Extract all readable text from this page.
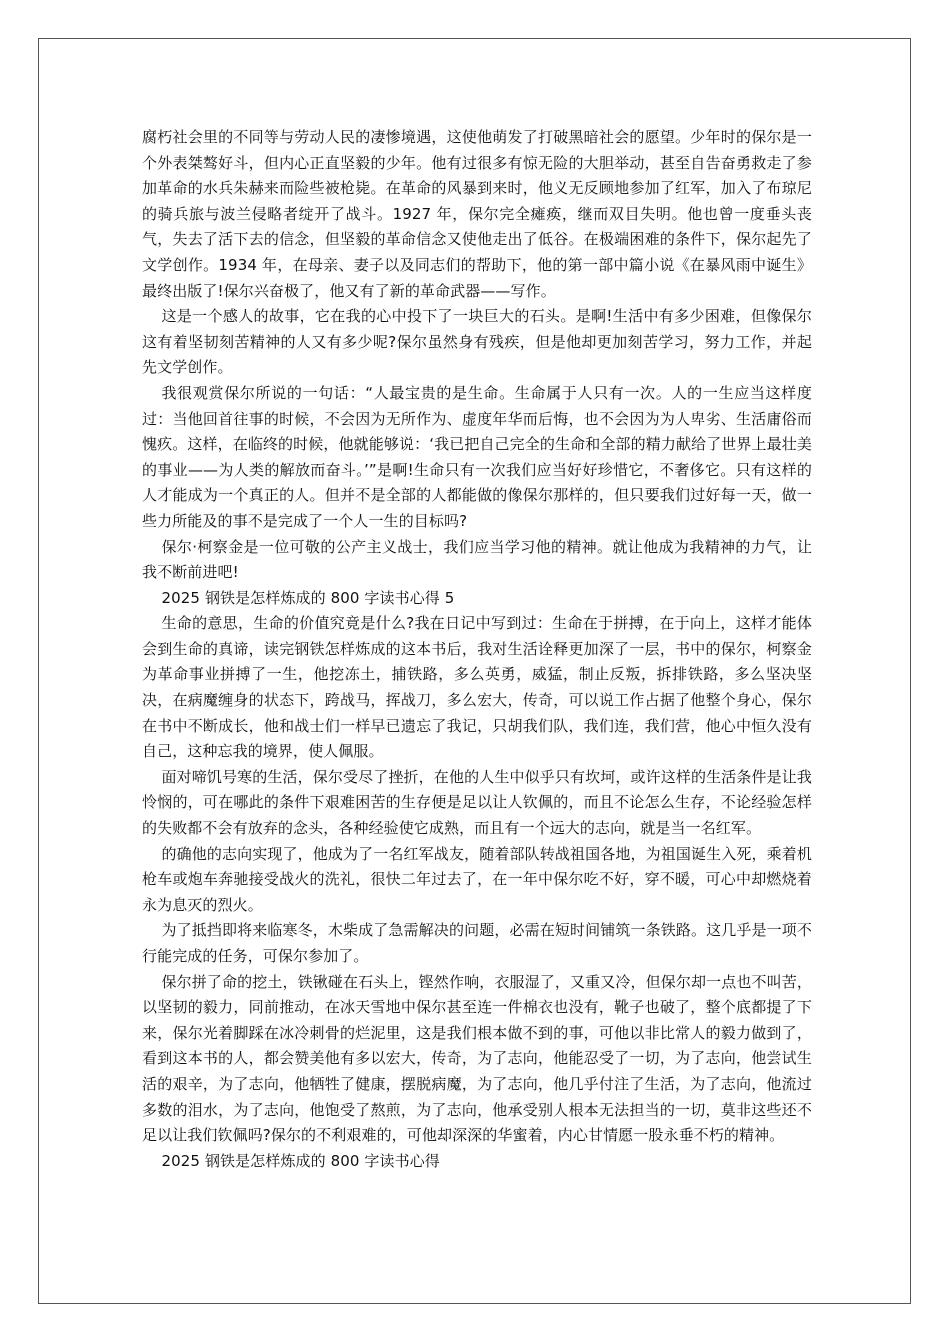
腐朽社会里的不同等与劳动人民的凄惨境遇，这使他萌发了打破黑暗社会的愿望。少年时的保尔是一个外表桀骜好斗，但内心正直坚毅的少年。他有过很多有惊无险的大胆举动，甚至自告奋勇救走了参加革命的水兵朱赫来而险些被枪毙。在革命的风暴到来时，他义无反顾地参加了红军，加入了布琼尼的骑兵旅与波兰侵略者绽开了战斗。1927 年，保尔完全瘫痪，继而双目失明。他也曾一度垂头丧气，失去了活下去的信念，但坚毅的革命信念又使他走出了低谷。在极端困难的条件下，保尔起先了文学创作。1934 年，在母亲、妻子以及同志们的帮助下，他的第一部中篇小说《在暴风雨中诞生》最终出版了!保尔兴奋极了，他又有了新的革命武器——写作。

这是一个感人的故事，它在我的心中投下了一块巨大的石头。是啊!生活中有多少困难，但像保尔这有着坚韧刻苦精神的人又有多少呢?保尔虽然身有残疾，但是他却更加刻苦学习，努力工作，并起先文学创作。

我很观赏保尔所说的一句话：“人最宝贵的是生命。生命属于人只有一次。人的一生应当这样度过：当他回首往事的时候，不会因为无所作为、虚度年华而后悔，也不会因为为人卑劣、生活庸俗而愧疚。这样，在临终的时候，他就能够说：‘我已把自己完全的生命和全部的精力献给了世界上最壮美的事业——为人类的解放而奋斗。’”是啊!生命只有一次我们应当好好珍惜它，不奢侈它。只有这样的人才能成为一个真正的人。但并不是全部的人都能做的像保尔那样的，但只要我们过好每一天，做一些力所能及的事不是完成了一个人一生的目标吗?

保尔·柯察金是一位可敬的公产主义战士，我们应当学习他的精神。就让他成为我精神的力气，让我不断前进吧!

2025 钢铁是怎样炼成的 800 字读书心得 5

生命的意思，生命的价值究竟是什么?我在日记中写到过：生命在于拼搏，在于向上，这样才能体会到生命的真谛，读完钢铁怎样炼成的这本书后，我对生活诠释更加深了一层，书中的保尔，柯察金为革命事业拼搏了一生，他挖冻土，捕铁路，多么英勇，威猛，制止反叛，拆排铁路，多么坚决坚决，在病魔缠身的状态下，跨战马，挥战刀，多么宏大，传奇，可以说工作占据了他整个身心，保尔在书中不断成长，他和战士们一样早已遗忘了我记，只胡我们队，我们连，我们营，他心中恒久没有自己，这种忘我的境界，使人佩服。

面对啼饥号寒的生活，保尔受尽了挫折，在他的人生中似乎只有坎坷，或许这样的生活条件是让我怜悯的，可在哪此的条件下艰难困苦的生存便是足以让人钦佩的，而且不论怎么生存，不论经验怎样的失败都不会有放弃的念头，各种经验使它成熟，而且有一个远大的志向，就是当一名红军。

的确他的志向实现了，他成为了一名红军战友，随着部队转战祖国各地，为祖国诞生入死，乘着机枪车或炮车奔驰接受战火的洗礼，很快二年过去了，在一年中保尔吃不好，穿不暖，可心中却燃烧着永为息灭的烈火。

为了抵挡即将来临寒冬，木柴成了急需解决的问题，必需在短时间铺筑一条铁路。这几乎是一项不行能完成的任务，可保尔参加了。

保尔拼了命的挖土，铁锹碰在石头上，铿然作响，衣服湿了，又重又冷，但保尔却一点也不叫苦，以坚韧的毅力，同前推动，在冰天雪地中保尔甚至连一件棉衣也没有，靴子也破了，整个底都提了下来，保尔光着脚踩在冰冷刺骨的烂泥里，这是我们根本做不到的事，可他以非比常人的毅力做到了，看到这本书的人，都会赞美他有多以宏大，传奇，为了志向，他能忍受了一切，为了志向，他尝试生活的艰辛，为了志向，他牺牲了健康，摆脱病魔，为了志向，他几乎付注了生活，为了志向，他流过多数的泪水，为了志向，他饱受了熬煎，为了志向，他承受别人根本无法担当的一切，莫非这些还不足以让我们钦佩吗?保尔的不利艰难的，可他却深深的华蜜着，内心甘情愿一股永垂不朽的精神。

2025 钢铁是怎样炼成的 800 字读书心得
